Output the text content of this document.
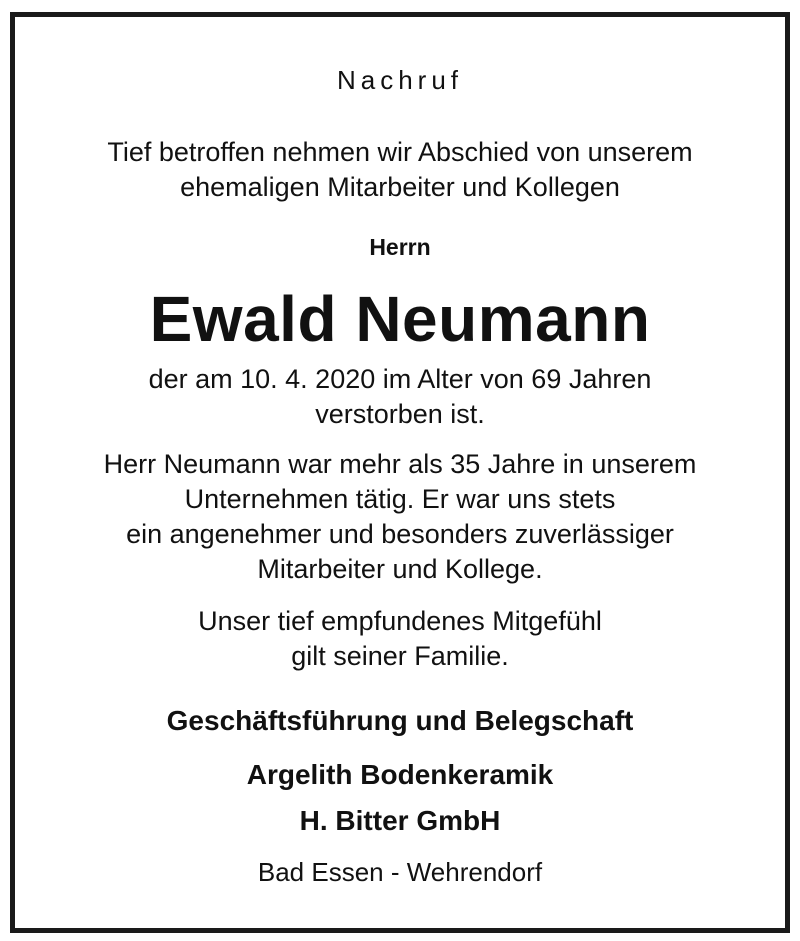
Nachruf
Tief betroffen nehmen wir Abschied von unserem
ehemaligen Mitarbeiter und Kollegen
Herrn
Ewald Neumann
der am 10. 4. 2020 im Alter von 69 Jahren
verstorben ist.
Herr Neumann war mehr als 35 Jahre in unserem
Unternehmen tätig. Er war uns stets
ein angenehmer und besonders zuverlässiger
Mitarbeiter und Kollege.
Unser tief empfundenes Mitgefühl
gilt seiner Familie.
Geschäftsführung und Belegschaft
Argelith Bodenkeramik
H. Bitter GmbH
Bad Essen - Wehrendorf
